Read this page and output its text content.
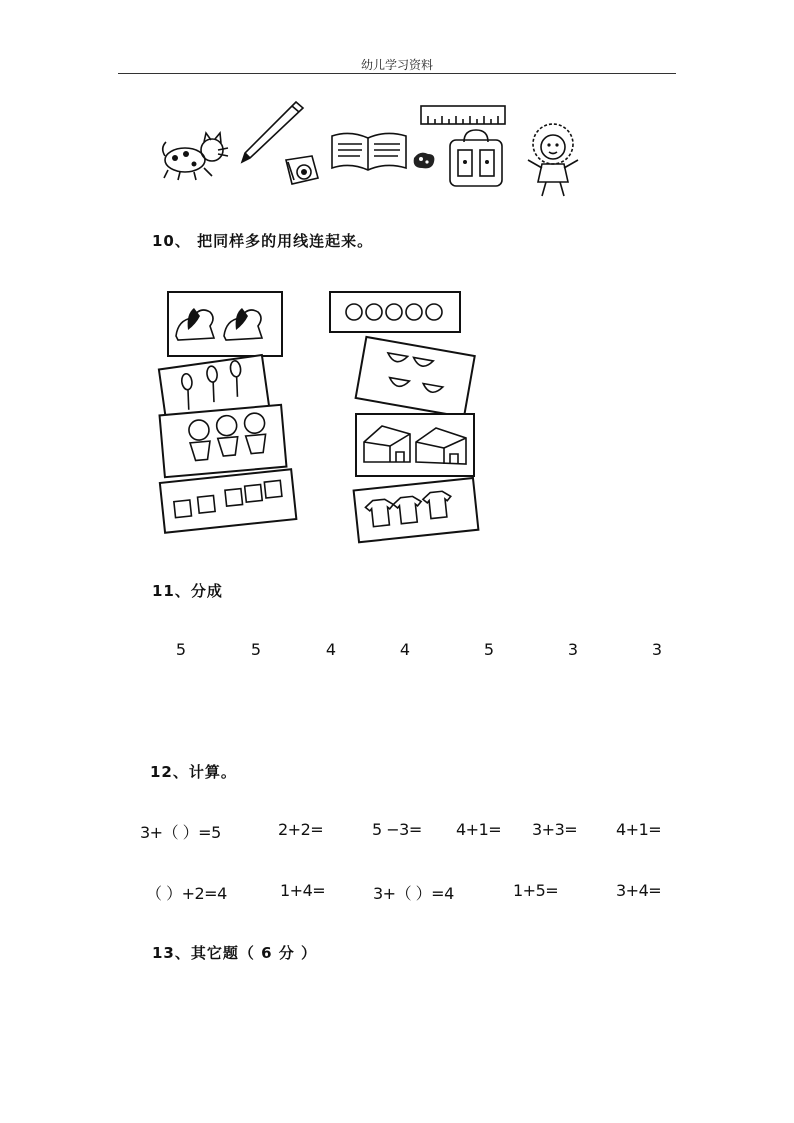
幼儿学习资料
10、 把同样多的用线连起来。
11、分成
5	5	4	4	5	3	3
12、计算。
3+（ ）=5	2+2=	5 −3= 4+1= 3+3= 4+1=
（ ）+2=4	1+4=	3+（ ）=4	1+5=	3+4=
13、其它题（ 6 分 ）
